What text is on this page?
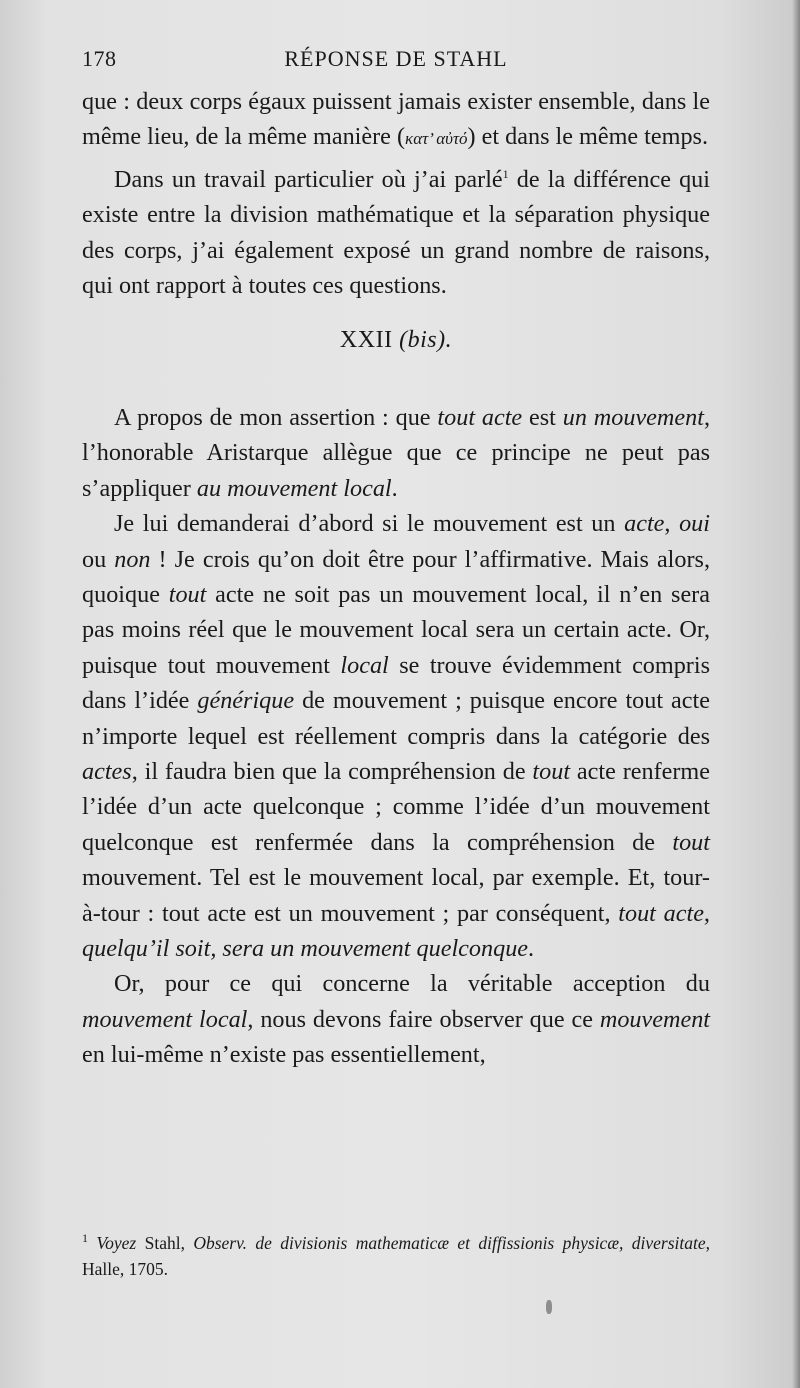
178	RÉPONSE DE STAHL

que : deux corps égaux puissent jamais exister ensemble, dans le même lieu, de la même manière (κατ’ αὐτό) et dans le même temps.

Dans un travail particulier où j’ai parlé$^1$ de la différence qui existe entre la division mathématique et la séparation physique des corps, j’ai également exposé un grand nombre de raisons, qui ont rapport à toutes ces questions.

XXII (bis).

A propos de mon assertion : que tout acte est un mouvement, l’honorable Aristarque allègue que ce principe ne peut pas s’appliquer au mouvement local.

Je lui demanderai d’abord si le mouvement est un acte, oui ou non ! Je crois qu’on doit être pour l’affirmative. Mais alors, quoique tout acte ne soit pas un mouvement local, il n’en sera pas moins réel que le mouvement local sera un certain acte. Or, puisque tout mouvement local se trouve évidemment compris dans l’idée générique de mouvement ; puisque encore tout acte n’importe lequel est réellement compris dans la catégorie des actes, il faudra bien que la compréhension de tout acte renferme l’idée d’un acte quelconque ; comme l’idée d’un mouvement quelconque est renfermée dans la compréhension de tout mouvement. Tel est le mouvement local, par exemple. Et, tour-à-tour : tout acte est un mouvement ; par conséquent, tout acte, quelqu’il soit, sera un mouvement quelconque.

Or, pour ce qui concerne la véritable acception du mouvement local, nous devons faire observer que ce mouvement en lui-même n’existe pas essentiellement,

$^1$ Voyez Stahl, Observ. de divisionis mathematicæ et diffissionis physicæ, diversitate, Halle, 1705.
